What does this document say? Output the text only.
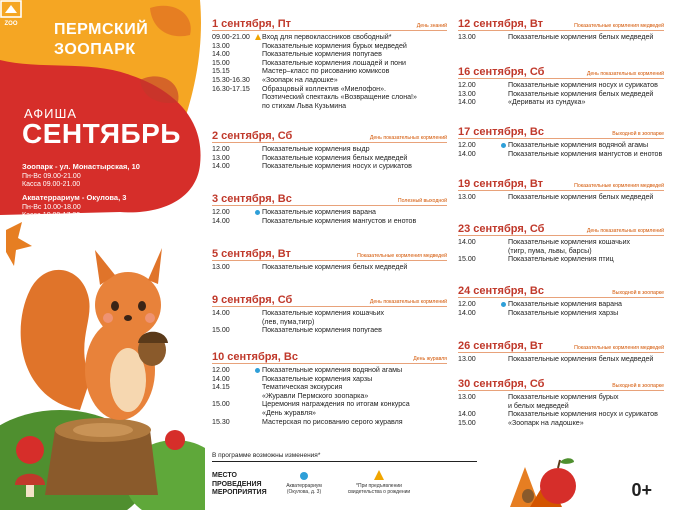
ZOO ПЕРМСКИЙ
ЗООПАРК
АФИША
СЕНТЯБРЬ
Зоопарк - ул. Монастырская, 10
Пн-Вс 09.00-21.00
Касса 09.00-21.00
Акватеррариум - Окулова, 3
Пн-Вс 10.00-18.00
Касса 10.00-17.30
1 сентября, Пт	День знаний
09.00-21.00	Вход для первоклассников свободный*
13.00	Показательные кормления бурых медведей
14.00	Показательные кормления попугаев
15.00	Показательные кормления лошадей и пони
15.15	Мастер–класс по рисованию комиксов
15.30-16.30	«Зоопарк на ладошке»
16.30-17.15	Образцовый коллектив «Миелофон».
Поэтический спектакль «Возвращение слона!»
по стихам Льва Кузьмина
2 сентября, Сб	День показательных кормлений
12.00	Показательные кормления выдр
13.00	Показательные кормления белых медведей
14.00	Показательные кормления носух и сурикатов
3 сентября, Вс	Полезный выходной
12.00	Показательные кормления варана
14.00	Показательные кормления мангустов и енотов
5 сентября, Вт	Показательные кормления медведей
13.00	Показательные кормления белых медведей
9 сентября, Сб	День показательных кормлений
14.00	Показательные кормления кошачьих
(лев, пума,тигр)
15.00	Показательные кормления попугаев
10 сентября, Вс	День журавля
12.00	Показательные кормления водяной агамы
14.00	Показательные кормления харзы
14.15	Тематическая экскурсия
«Журавли Пермского зоопарка»
15.00	Церемония награждения по итогам конкурса
«День журавля»
15.30	Мастерская по рисованию серого журавля
12 сентября, Вт	Показательные кормления медведей
13.00	Показательные кормления белых медведей
16 сентября, Сб	День показательных кормлений
12.00	Показательные кормления носух и сурикатов
13.00	Показательные кормления белых медведей
14.00	«Дериваты из сундука»
17 сентября, Вс	Выходной в зоопарке
12.00	Показательные кормления водяной агамы
14.00	Показательные кормления мангустов и енотов
19 сентября, Вт	Показательные кормления медведей
13.00	Показательные кормления белых медведей
23 сентября, Сб	День показательных кормлений
14.00	Показательные кормления кошачьих
(тигр, пума, львы, барсы)
15.00	Показательные кормления птиц
24 сентября, Вс	Выходной в зоопарке
12.00	Показательные кормления варана
14.00	Показательные кормления харзы
26 сентября, Вт	Показательные кормления медведей
13.00	Показательные кормления белых медведей
30 сентября, Сб	Выходной в зоопарке
13.00	Показательные кормления бурых
и белых медведей
14.00	Показательные кормления носух и сурикатов
15.00	«Зоопарк на ладошке»
В программе возможны изменения*
МЕСТО
ПРОВЕДЕНИЯ
МЕРОПРИЯТИЯ
Акватеррариум
(Окулова, д. 3)
*При предъявлении
свидетельства о рождении	0+
